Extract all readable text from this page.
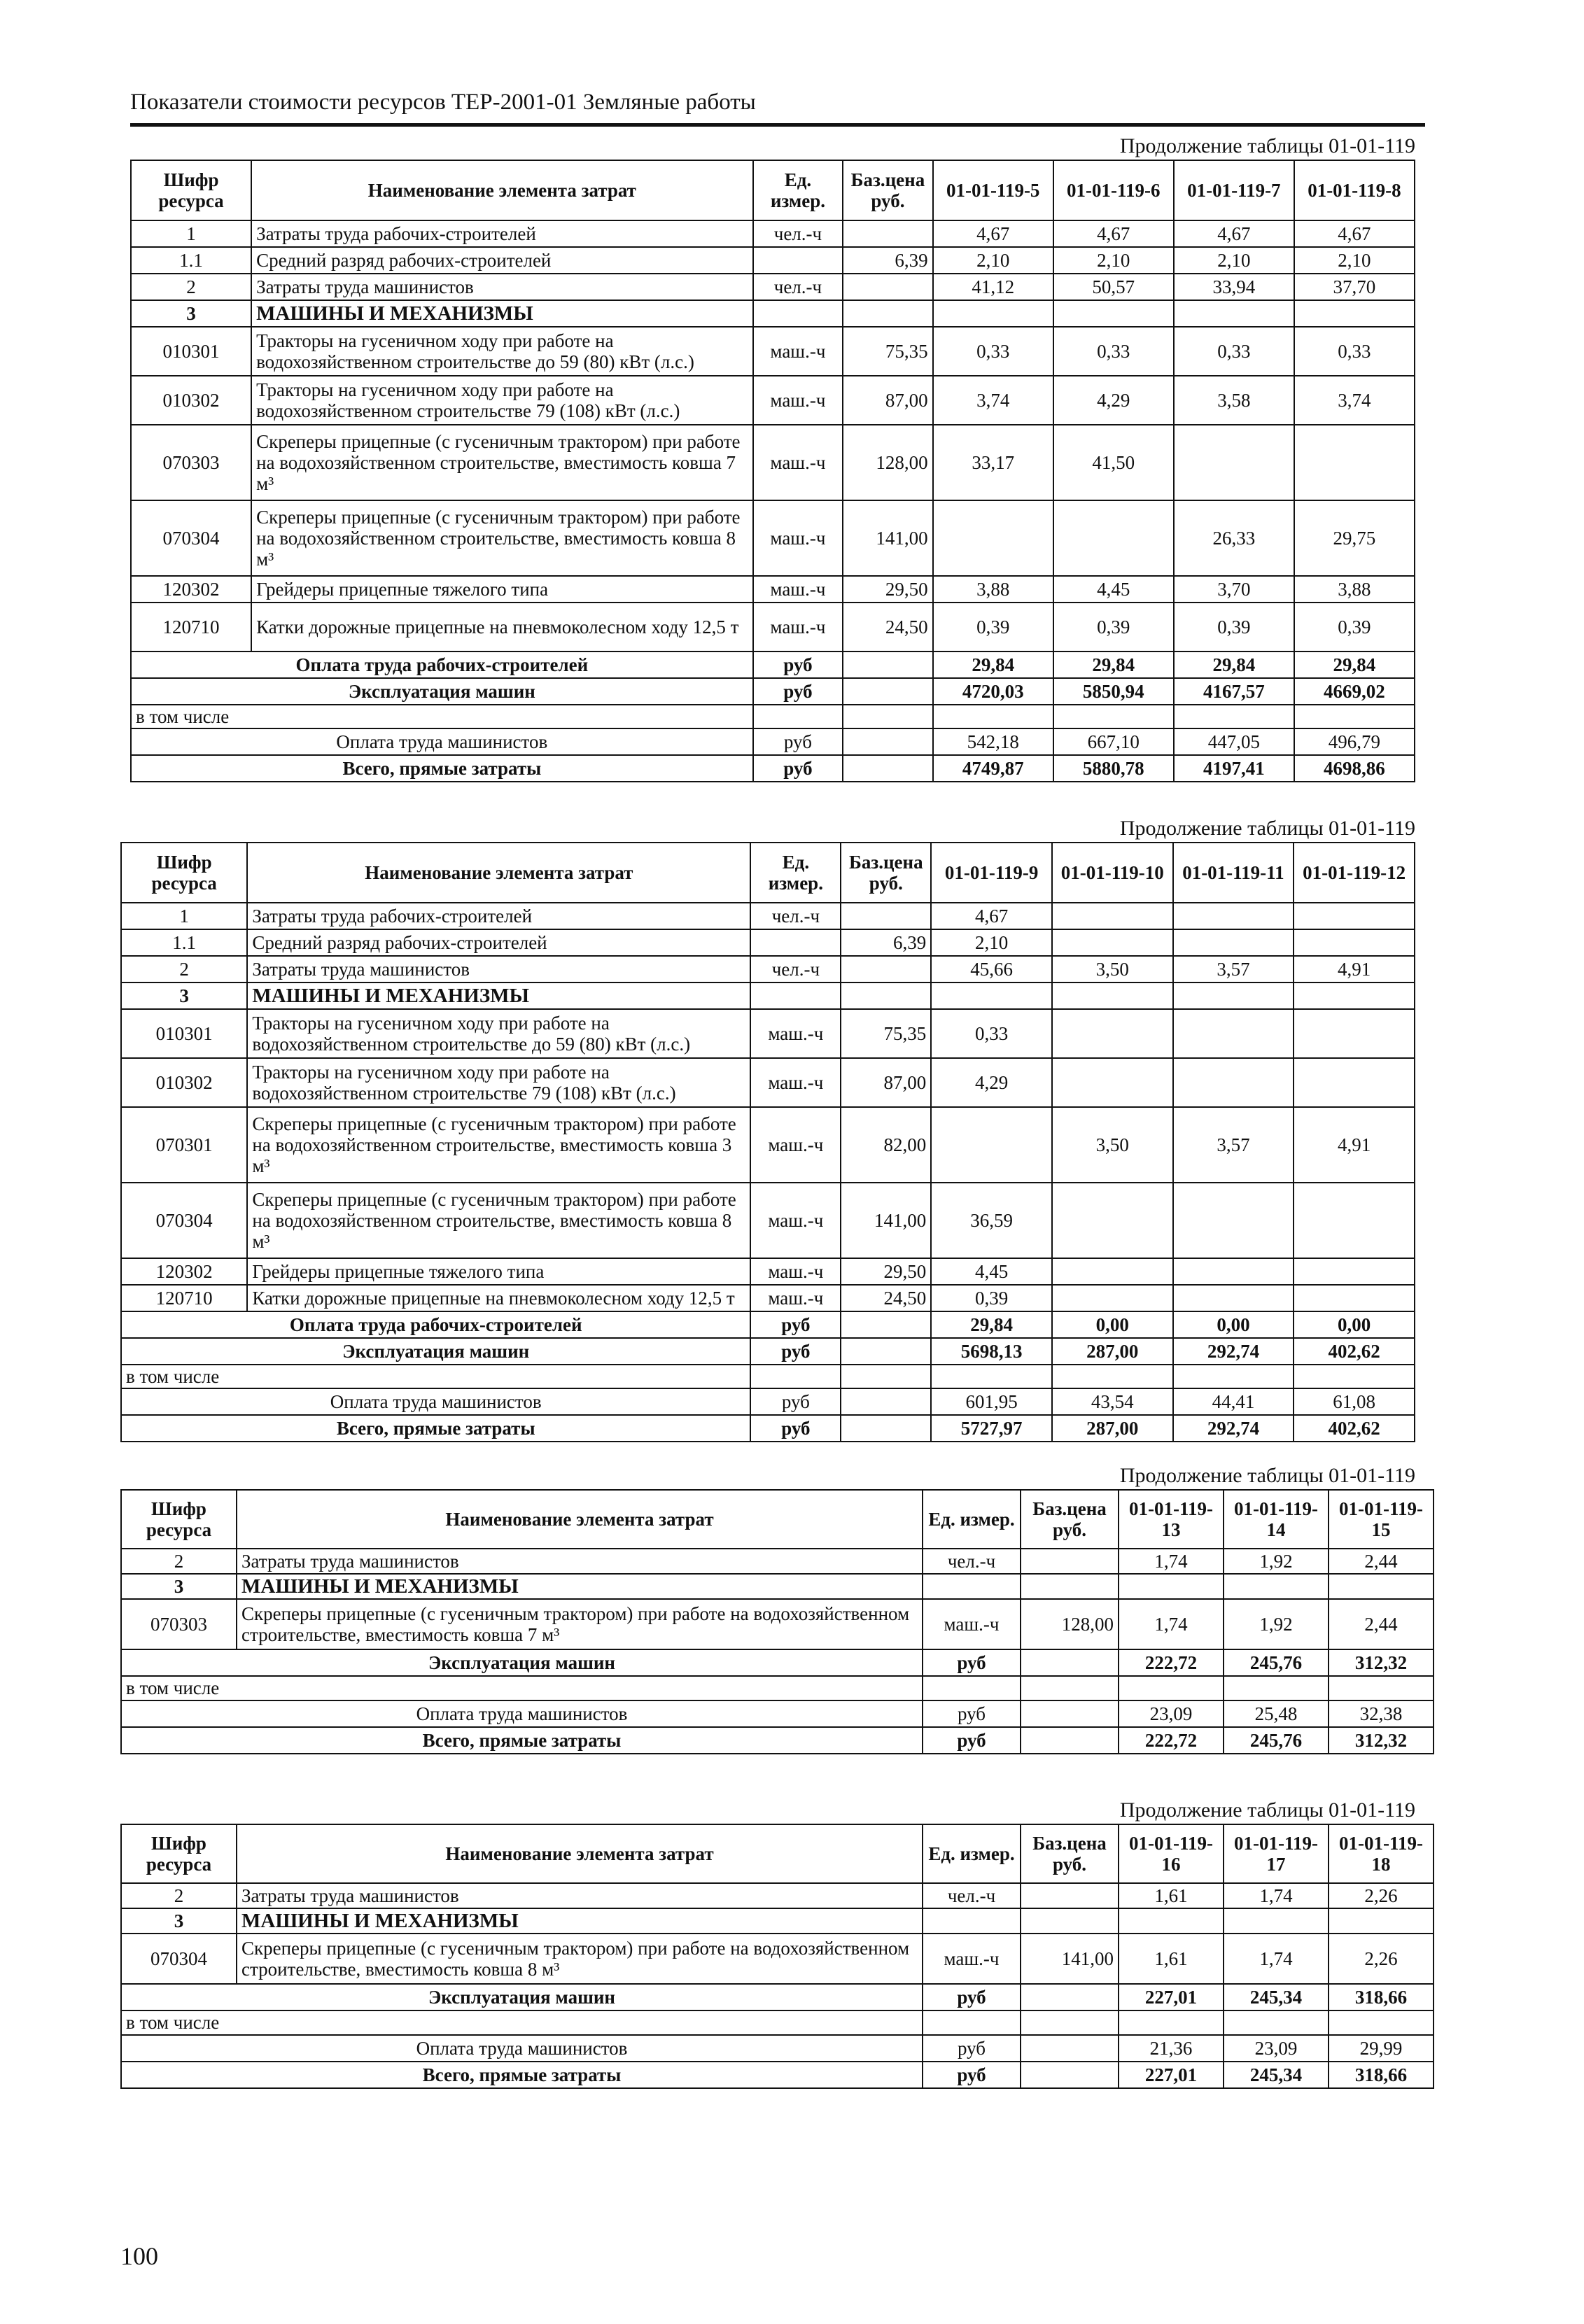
Показатели стоимости ресурсов ТЕР-2001-01 Земляные работы
Продолжение таблицы 01-01-119
Шифр ресурса	Наименование элемента затрат	Ед. измер.	Баз.цена руб.	01-01-119-5	01-01-119-6	01-01-119-7	01-01-119-8
1	Затраты труда рабочих-строителей	чел.-ч		4,67	4,67	4,67	4,67
1.1	Средний разряд рабочих-строителей		6,39	2,10	2,10	2,10	2,10
2	Затраты труда машинистов	чел.-ч		41,12	50,57	33,94	37,70
3	МАШИНЫ И МЕХАНИЗМЫ						
010301	Тракторы на гусеничном ходу при работе на водохозяйственном строительстве до 59 (80) кВт (л.с.)	маш.-ч	75,35	0,33	0,33	0,33	0,33
010302	Тракторы на гусеничном ходу при работе на водохозяйственном строительстве 79 (108) кВт (л.с.)	маш.-ч	87,00	3,74	4,29	3,58	3,74
070303	Скреперы прицепные (с гусеничным трактором) при работе на водохозяйственном строительстве, вместимость ковша 7 м³	маш.-ч	128,00	33,17	41,50		
070304	Скреперы прицепные (с гусеничным трактором) при работе на водохозяйственном строительстве, вместимость ковша 8 м³	маш.-ч	141,00			26,33	29,75
120302	Грейдеры прицепные тяжелого типа	маш.-ч	29,50	3,88	4,45	3,70	3,88
120710	Катки дорожные прицепные на пневмоколесном ходу 12,5 т	маш.-ч	24,50	0,39	0,39	0,39	0,39
Оплата труда рабочих-строителей		руб		29,84	29,84	29,84	29,84
Эксплуатация машин		руб		4720,03	5850,94	4167,57	4669,02
в том числе							
Оплата труда машинистов		руб		542,18	667,10	447,05	496,79
Всего, прямые затраты		руб		4749,87	5880,78	4197,41	4698,86
Продолжение таблицы 01-01-119
Шифр ресурса	Наименование элемента затрат	Ед. измер.	Баз.цена руб.	01-01-119-9	01-01-119-10	01-01-119-11	01-01-119-12
1	Затраты труда рабочих-строителей	чел.-ч		4,67			
1.1	Средний разряд рабочих-строителей		6,39	2,10			
2	Затраты труда машинистов	чел.-ч		45,66	3,50	3,57	4,91
3	МАШИНЫ И МЕХАНИЗМЫ						
010301	Тракторы на гусеничном ходу при работе на водохозяйственном строительстве до 59 (80) кВт (л.с.)	маш.-ч	75,35	0,33			
010302	Тракторы на гусеничном ходу при работе на водохозяйственном строительстве 79 (108) кВт (л.с.)	маш.-ч	87,00	4,29			
070301	Скреперы прицепные (с гусеничным трактором) при работе на водохозяйственном строительстве, вместимость ковша 3 м³	маш.-ч	82,00		3,50	3,57	4,91
070304	Скреперы прицепные (с гусеничным трактором) при работе на водохозяйственном строительстве, вместимость ковша 8 м³	маш.-ч	141,00	36,59			
120302	Грейдеры прицепные тяжелого типа	маш.-ч	29,50	4,45			
120710	Катки дорожные прицепные на пневмоколесном ходу 12,5 т	маш.-ч	24,50	0,39			
Оплата труда рабочих-строителей		руб		29,84	0,00	0,00	0,00
Эксплуатация машин		руб		5698,13	287,00	292,74	402,62
в том числе							
Оплата труда машинистов		руб		601,95	43,54	44,41	61,08
Всего, прямые затраты		руб		5727,97	287,00	292,74	402,62
Продолжение таблицы 01-01-119
Шифр ресурса	Наименование элемента затрат	Ед. измер.	Баз.цена руб.	01-01-119-13	01-01-119-14	01-01-119-15
2	Затраты труда машинистов	чел.-ч		1,74	1,92	2,44
3	МАШИНЫ И МЕХАНИЗМЫ					
070303	Скреперы прицепные (с гусеничным трактором) при работе на водохозяйственном строительстве, вместимость ковша 7 м³	маш.-ч	128,00	1,74	1,92	2,44
Эксплуатация машин		руб		222,72	245,76	312,32
в том числе						
Оплата труда машинистов		руб		23,09	25,48	32,38
Всего, прямые затраты		руб		222,72	245,76	312,32
Продолжение таблицы 01-01-119
Шифр ресурса	Наименование элемента затрат	Ед. измер.	Баз.цена руб.	01-01-119-16	01-01-119-17	01-01-119-18
2	Затраты труда машинистов	чел.-ч		1,61	1,74	2,26
3	МАШИНЫ И МЕХАНИЗМЫ					
070304	Скреперы прицепные (с гусеничным трактором) при работе на водохозяйственном строительстве, вместимость ковша 8 м³	маш.-ч	141,00	1,61	1,74	2,26
Эксплуатация машин		руб		227,01	245,34	318,66
в том числе						
Оплата труда машинистов		руб		21,36	23,09	29,99
Всего, прямые затраты		руб		227,01	245,34	318,66
100
